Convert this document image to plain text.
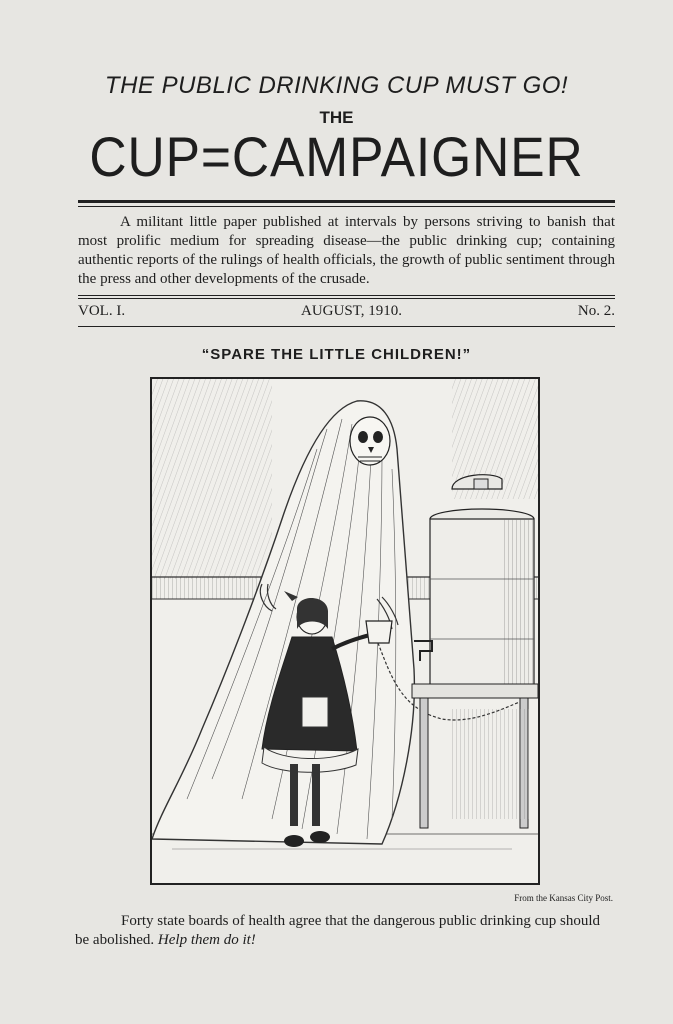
THE PUBLIC DRINKING CUP MUST GO!
THE
CUP=CAMPAIGNER
A militant little paper published at intervals by persons striving to banish that most prolific medium for spreading disease—the public drinking cup; containing authentic reports of the rulings of health officials, the growth of public sentiment through the press and other developments of the crusade.
VOL. I.	AUGUST, 1910.	No. 2.
“SPARE THE LITTLE CHILDREN!”
From the Kansas City Post.
Forty state boards of health agree that the dangerous public drinking cup should be abolished. Help them do it!
